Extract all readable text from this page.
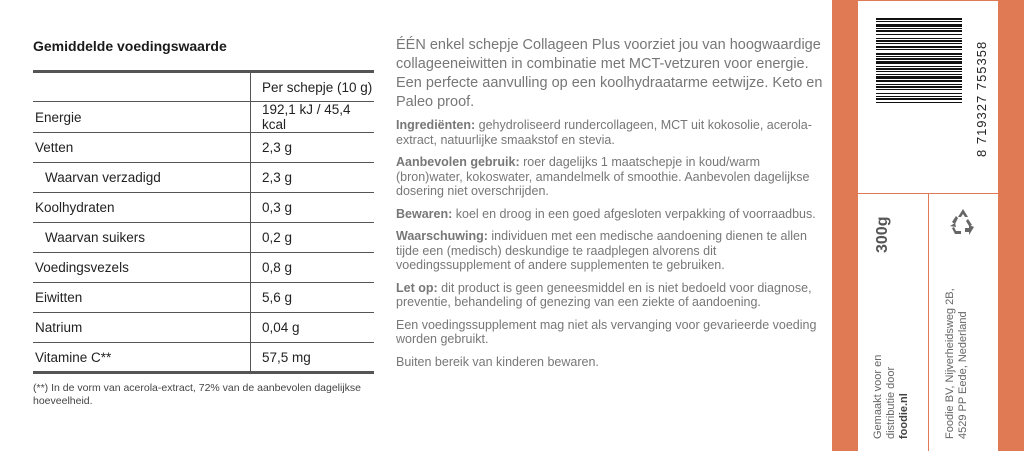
Gemiddelde voedingswaarde
	Per schepje (10 g)
Energie	192,1 kJ / 45,4 kcal
Vetten	2,3 g
Waarvan verzadigd	2,3 g
Koolhydraten	0,3 g
Waarvan suikers	0,2 g
Voedingsvezels	0,8 g
Eiwitten	5,6 g
Natrium	0,04 g
Vitamine C**	57,5 mg
(**) In de vorm van acerola-extract, 72% van de aanbevolen dagelijkse hoeveelheid.

ÉÉN enkel schepje Collageen Plus voorziet jou van hoogwaardige collageeneiwitten in combinatie met MCT-vetzuren voor energie. Een perfecte aanvulling op een koolhydraatarme eetwijze. Keto en Paleo proof.

Ingrediënten: gehydroliseerd rundercollageen, MCT uit kokosolie, acerola-extract, natuurlijke smaakstof en stevia.

Aanbevolen gebruik: roer dagelijks 1 maatschepje in koud/warm (bron)water, kokoswater, amandelmelk of smoothie. Aanbevolen dagelijkse dosering niet overschrijden.

Bewaren: koel en droog in een goed afgesloten verpakking of voorraadbus.

Waarschuwing: individuen met een medische aandoening dienen te allen tijde een (medisch) deskundige te raadplegen alvorens dit voedingssupplement of andere supplementen te gebruiken.

Let op: dit product is geen geneesmiddel en is niet bedoeld voor diagnose, preventie, behandeling of genezing van een ziekte of aandoening.

Een voedingssupplement mag niet als vervanging voor gevarieerde voeding worden gebruikt.

Buiten bereik van kinderen bewaren.

8 719327 755358
300g
Gemaakt voor en distributie door foodie.nl	Foodie BV, Nijverheidsweg 2B, 4529 PP Eede, Nederland
